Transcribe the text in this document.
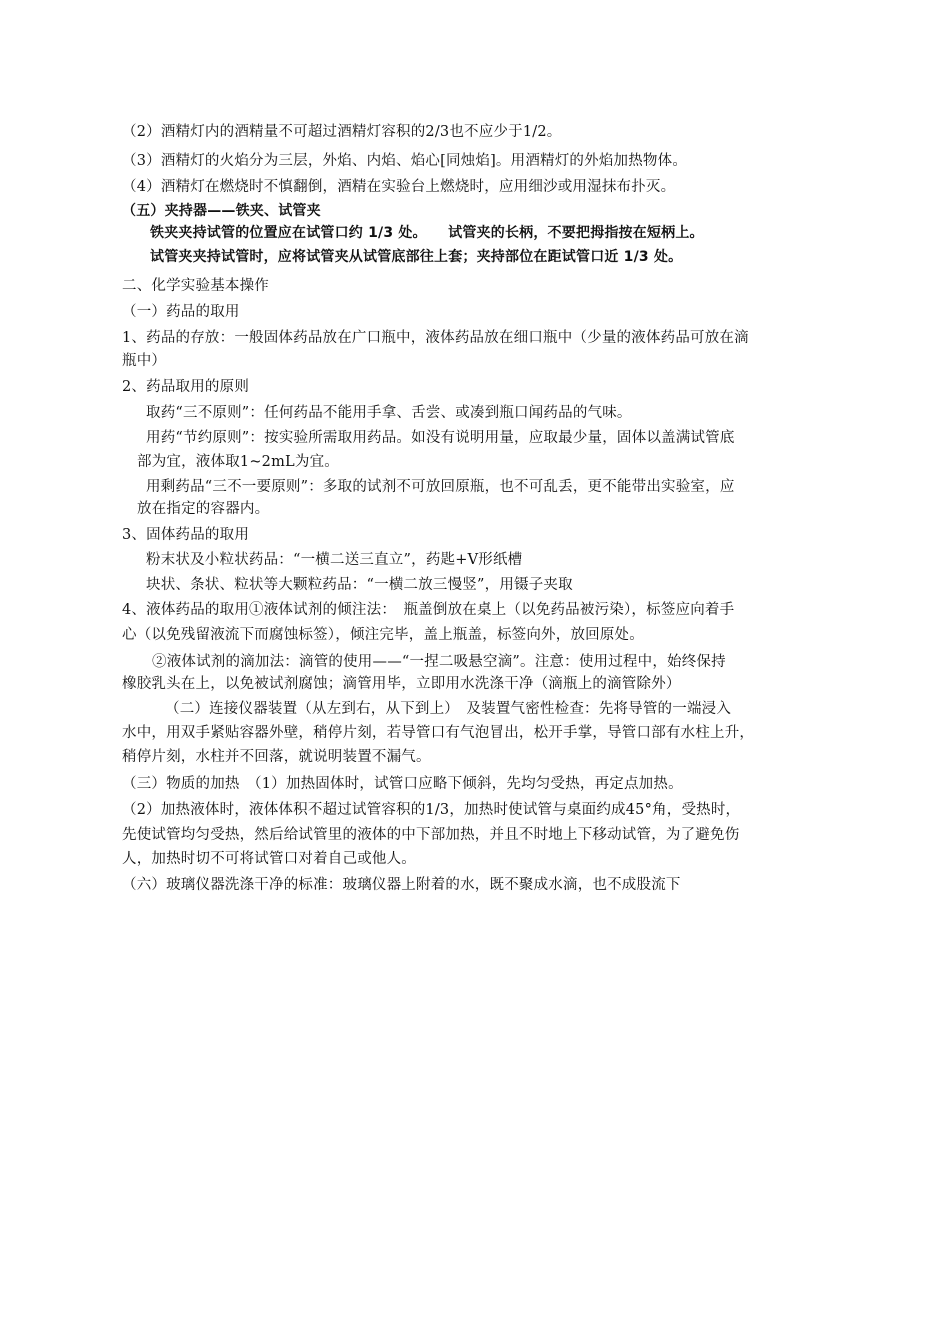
（2）酒精灯内的酒精量不可超过酒精灯容积的2/3也不应少于1/2。
（3）酒精灯的火焰分为三层，外焰、内焰、焰心[同烛焰]。用酒精灯的外焰加热物体。
（4）酒精灯在燃烧时不慎翻倒，酒精在实验台上燃烧时，应用细沙或用湿抹布扑灭。
（五）夹持器——铁夹、试管夹
铁夹夹持试管的位置应在试管口约 1/3 处。　　试管夹的长柄，不要把拇指按在短柄上。
试管夹夹持试管时，应将试管夹从试管底部往上套；夹持部位在距试管口近 1/3 处。
二、化学实验基本操作
（一）药品的取用
1、药品的存放：一般固体药品放在广口瓶中，液体药品放在细口瓶中（少量的液体药品可放在滴
瓶中）
2、药品取用的原则
取药“三不原则”：任何药品不能用手拿、舌尝、或凑到瓶口闻药品的气味。
用药“节约原则”：按实验所需取用药品。如没有说明用量，应取最少量，固体以盖满试管底
部为宜，液体取1~2mL为宜。
用剩药品“三不一要原则”：多取的试剂不可放回原瓶，也不可乱丢，更不能带出实验室，应
放在指定的容器内。
3、固体药品的取用
粉末状及小粒状药品：“一横二送三直立”，药匙+V形纸槽
块状、条状、粒状等大颗粒药品：“一横二放三慢竖”，用镊子夹取
4、液体药品的取用①液体试剂的倾注法：　瓶盖倒放在桌上（以免药品被污染），标签应向着手
心（以免残留液流下而腐蚀标签），倾注完毕，盖上瓶盖，标签向外，放回原处。
②液体试剂的滴加法：滴管的使用——“一捏二吸悬空滴”。注意：使用过程中，始终保持
橡胶乳头在上，以免被试剂腐蚀；滴管用毕，立即用水洗涤干净（滴瓶上的滴管除外）
（二）连接仪器装置（从左到右，从下到上）　及装置气密性检查：先将导管的一端浸入
水中，用双手紧贴容器外壁，稍停片刻，若导管口有气泡冒出，松开手掌，导管口部有水柱上升，
稍停片刻，水柱并不回落，就说明装置不漏气。
（三）物质的加热　（1）加热固体时，试管口应略下倾斜，先均匀受热，再定点加热。
（2）加热液体时，液体体积不超过试管容积的1/3，加热时使试管与桌面约成45°角，受热时，
先使试管均匀受热，然后给试管里的液体的中下部加热，并且不时地上下移动试管，为了避免伤
人，加热时切不可将试管口对着自己或他人。
（六）玻璃仪器洗涤干净的标准：玻璃仪器上附着的水，既不聚成水滴，也不成股流下
